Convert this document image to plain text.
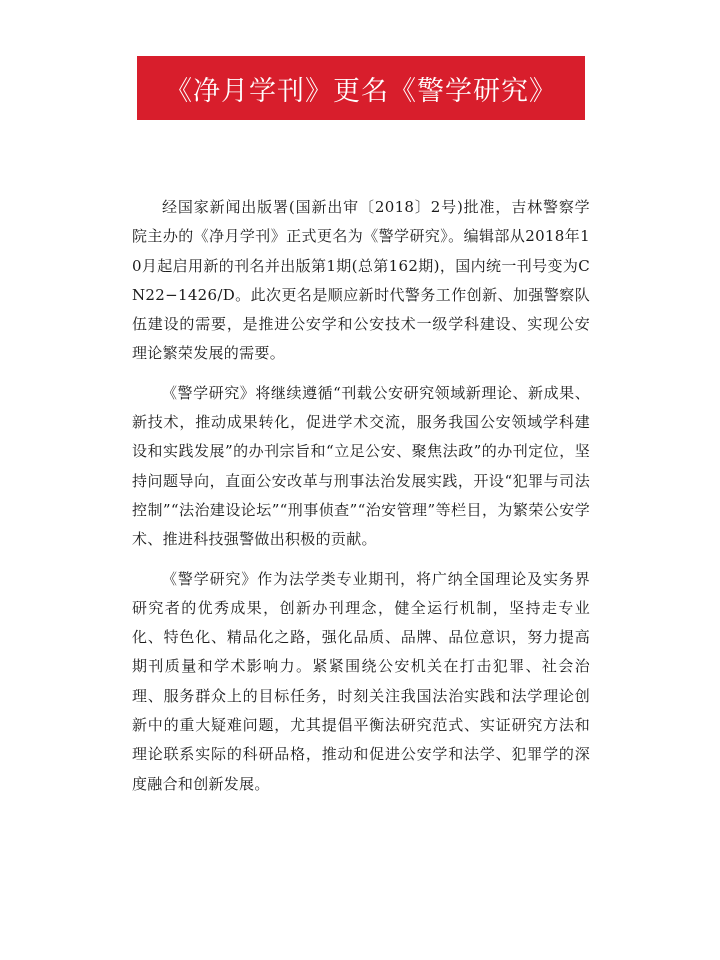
《净月学刊》更名《警学研究》

经国家新闻出版署(国新出审〔2018〕2号)批准，吉林警察学院主办的《净月学刊》正式更名为《警学研究》。编辑部从2018年10月起启用新的刊名并出版第1期(总第162期)，国内统一刊号变为CN22−1426/D。此次更名是顺应新时代警务工作创新、加强警察队伍建设的需要，是推进公安学和公安技术一级学科建设、实现公安理论繁荣发展的需要。

《警学研究》将继续遵循“刊载公安研究领域新理论、新成果、新技术，推动成果转化，促进学术交流，服务我国公安领域学科建设和实践发展”的办刊宗旨和“立足公安、聚焦法政”的办刊定位，坚持问题导向，直面公安改革与刑事法治发展实践，开设“犯罪与司法控制”“法治建设论坛”“刑事侦查”“治安管理”等栏目，为繁荣公安学术、推进科技强警做出积极的贡献。

《警学研究》作为法学类专业期刊，将广纳全国理论及实务界研究者的优秀成果，创新办刊理念，健全运行机制，坚持走专业化、特色化、精品化之路，强化品质、品牌、品位意识，努力提高期刊质量和学术影响力。紧紧围绕公安机关在打击犯罪、社会治理、服务群众上的目标任务，时刻关注我国法治实践和法学理论创新中的重大疑难问题，尤其提倡平衡法研究范式、实证研究方法和理论联系实际的科研品格，推动和促进公安学和法学、犯罪学的深度融合和创新发展。
